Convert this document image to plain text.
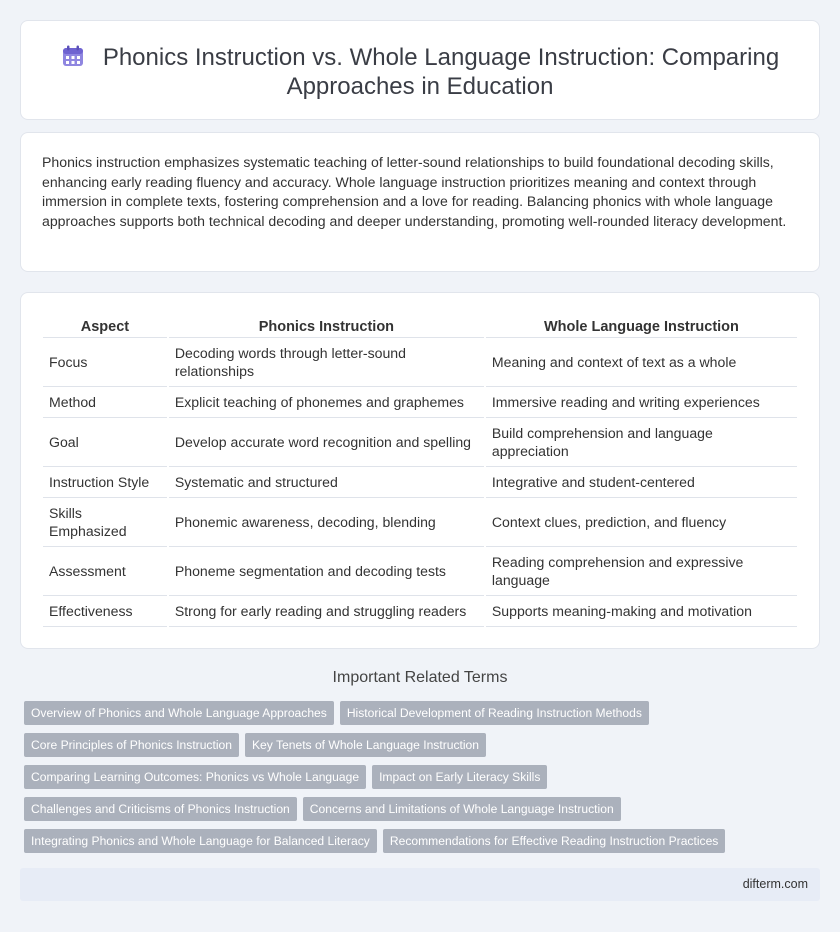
Phonics Instruction vs. Whole Language Instruction: Comparing Approaches in Education

Phonics instruction emphasizes systematic teaching of letter-sound relationships to build foundational decoding skills, enhancing early reading fluency and accuracy. Whole language instruction prioritizes meaning and context through immersion in complete texts, fostering comprehension and a love for reading. Balancing phonics with whole language approaches supports both technical decoding and deeper understanding, promoting well-rounded literacy development.

Aspect	Phonics Instruction	Whole Language Instruction
Focus	Decoding words through letter-sound relationships	Meaning and context of text as a whole
Method	Explicit teaching of phonemes and graphemes	Immersive reading and writing experiences
Goal	Develop accurate word recognition and spelling	Build comprehension and language appreciation
Instruction Style	Systematic and structured	Integrative and student-centered
Skills Emphasized	Phonemic awareness, decoding, blending	Context clues, prediction, and fluency
Assessment	Phoneme segmentation and decoding tests	Reading comprehension and expressive language
Effectiveness	Strong for early reading and struggling readers	Supports meaning-making and motivation
Important Related Terms
Overview of Phonics and Whole Language Approaches Historical Development of Reading Instruction Methods
Core Principles of Phonics Instruction Key Tenets of Whole Language Instruction
Comparing Learning Outcomes: Phonics vs Whole Language Impact on Early Literacy Skills
Challenges and Criticisms of Phonics Instruction Concerns and Limitations of Whole Language Instruction
Integrating Phonics and Whole Language for Balanced Literacy Recommendations for Effective Reading Instruction Practices
difterm.com
